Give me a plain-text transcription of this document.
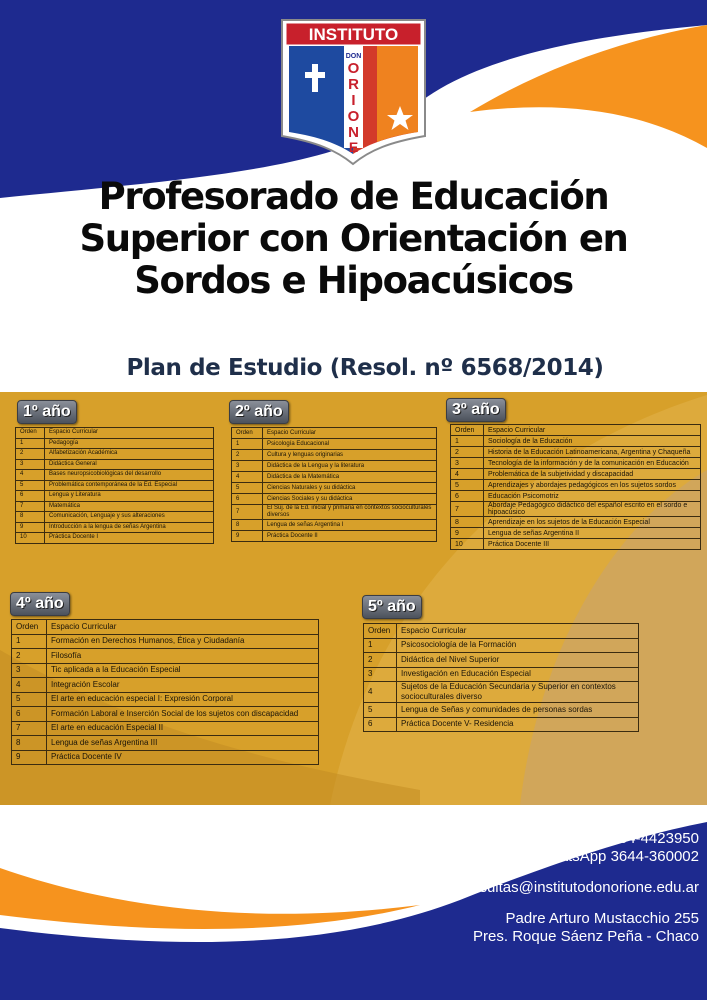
INSTITUTO
DON
O
R
I
O
N
E
Profesorado de Educación
Superior con Orientación en
Sordos e Hipoacúsicos
Plan de Estudio (Resol. nº 6568/2014)
1º año	2º año	3º año
4º año	5º año
Orden	Espacio Curricular
1	Pedagogía
2	Alfabetización Académica
3	Didáctica General
4	Bases neuropsicobiológicas del desarrollo
5	Problemática contemporánea de la Ed. Especial
6	Lengua y Literatura
7	Matemática
8	Comunicación, Lenguaje y sus alteraciones
9	Introducción a la lengua de señas Argentina
10	Práctica Docente I
Orden	Espacio Curricular
1	Psicología Educacional
2	Cultura y lenguas originarias
3	Didáctica de la Lengua y la literatura
4	Didáctica de la Matemática
5	Ciencias Naturales y su didáctica
6	Ciencias Sociales y su didáctica
7	El Suj. de la Ed. inicial y primaria en contextos socioculturales diversos
8	Lengua de señas Argentina I
9	Práctica Docente II
Orden	Espacio Curricular
1	Sociología de la Educación
2	Historia de la Educación Latinoamericana, Argentina y Chaqueña
3	Tecnología de la información y de la comunicación en Educación
4	Problemática de la subjetividad y discapacidad
5	Aprendizajes y abordajes pedagógicos en los sujetos sordos
6	Educación Psicomotriz
7	Abordaje Pedagógico didáctico del español escrito en el sordo e hipoacúsico
8	Aprendizaje en los sujetos de la Educación Especial
9	Lengua de señas Argentina II
10	Práctica Docente III
Orden	Espacio Curricular
1	Formación en Derechos Humanos, Ética y Ciudadanía
2	Filosofía
3	Tic aplicada a la Educación Especial
4	Integración Escolar
5	El arte en educación especial I: Expresión Corporal
6	Formación Laboral e Inserción Social de los sujetos con discapacidad
7	El arte en educación Especial II
8	Lengua de señas Argentina III
9	Práctica Docente IV
Orden	Espacio Curricular
1	Psicosociología de la Formación
2	Didáctica del Nivel Superior
3	Investigación en Educación Especial
4	Sujetos de la Educación Secundaria y Superior en contextos socioculturales diverso
5	Lengua de Señas y comunidades de personas sordas
6	Práctica Docente V- Residencia
Tel. 0364-4423950
WhatsApp 3644-360002
consultas@institutodonorione.edu.ar
Padre Arturo Mustacchio 255
Pres. Roque Sáenz Peña - Chaco
